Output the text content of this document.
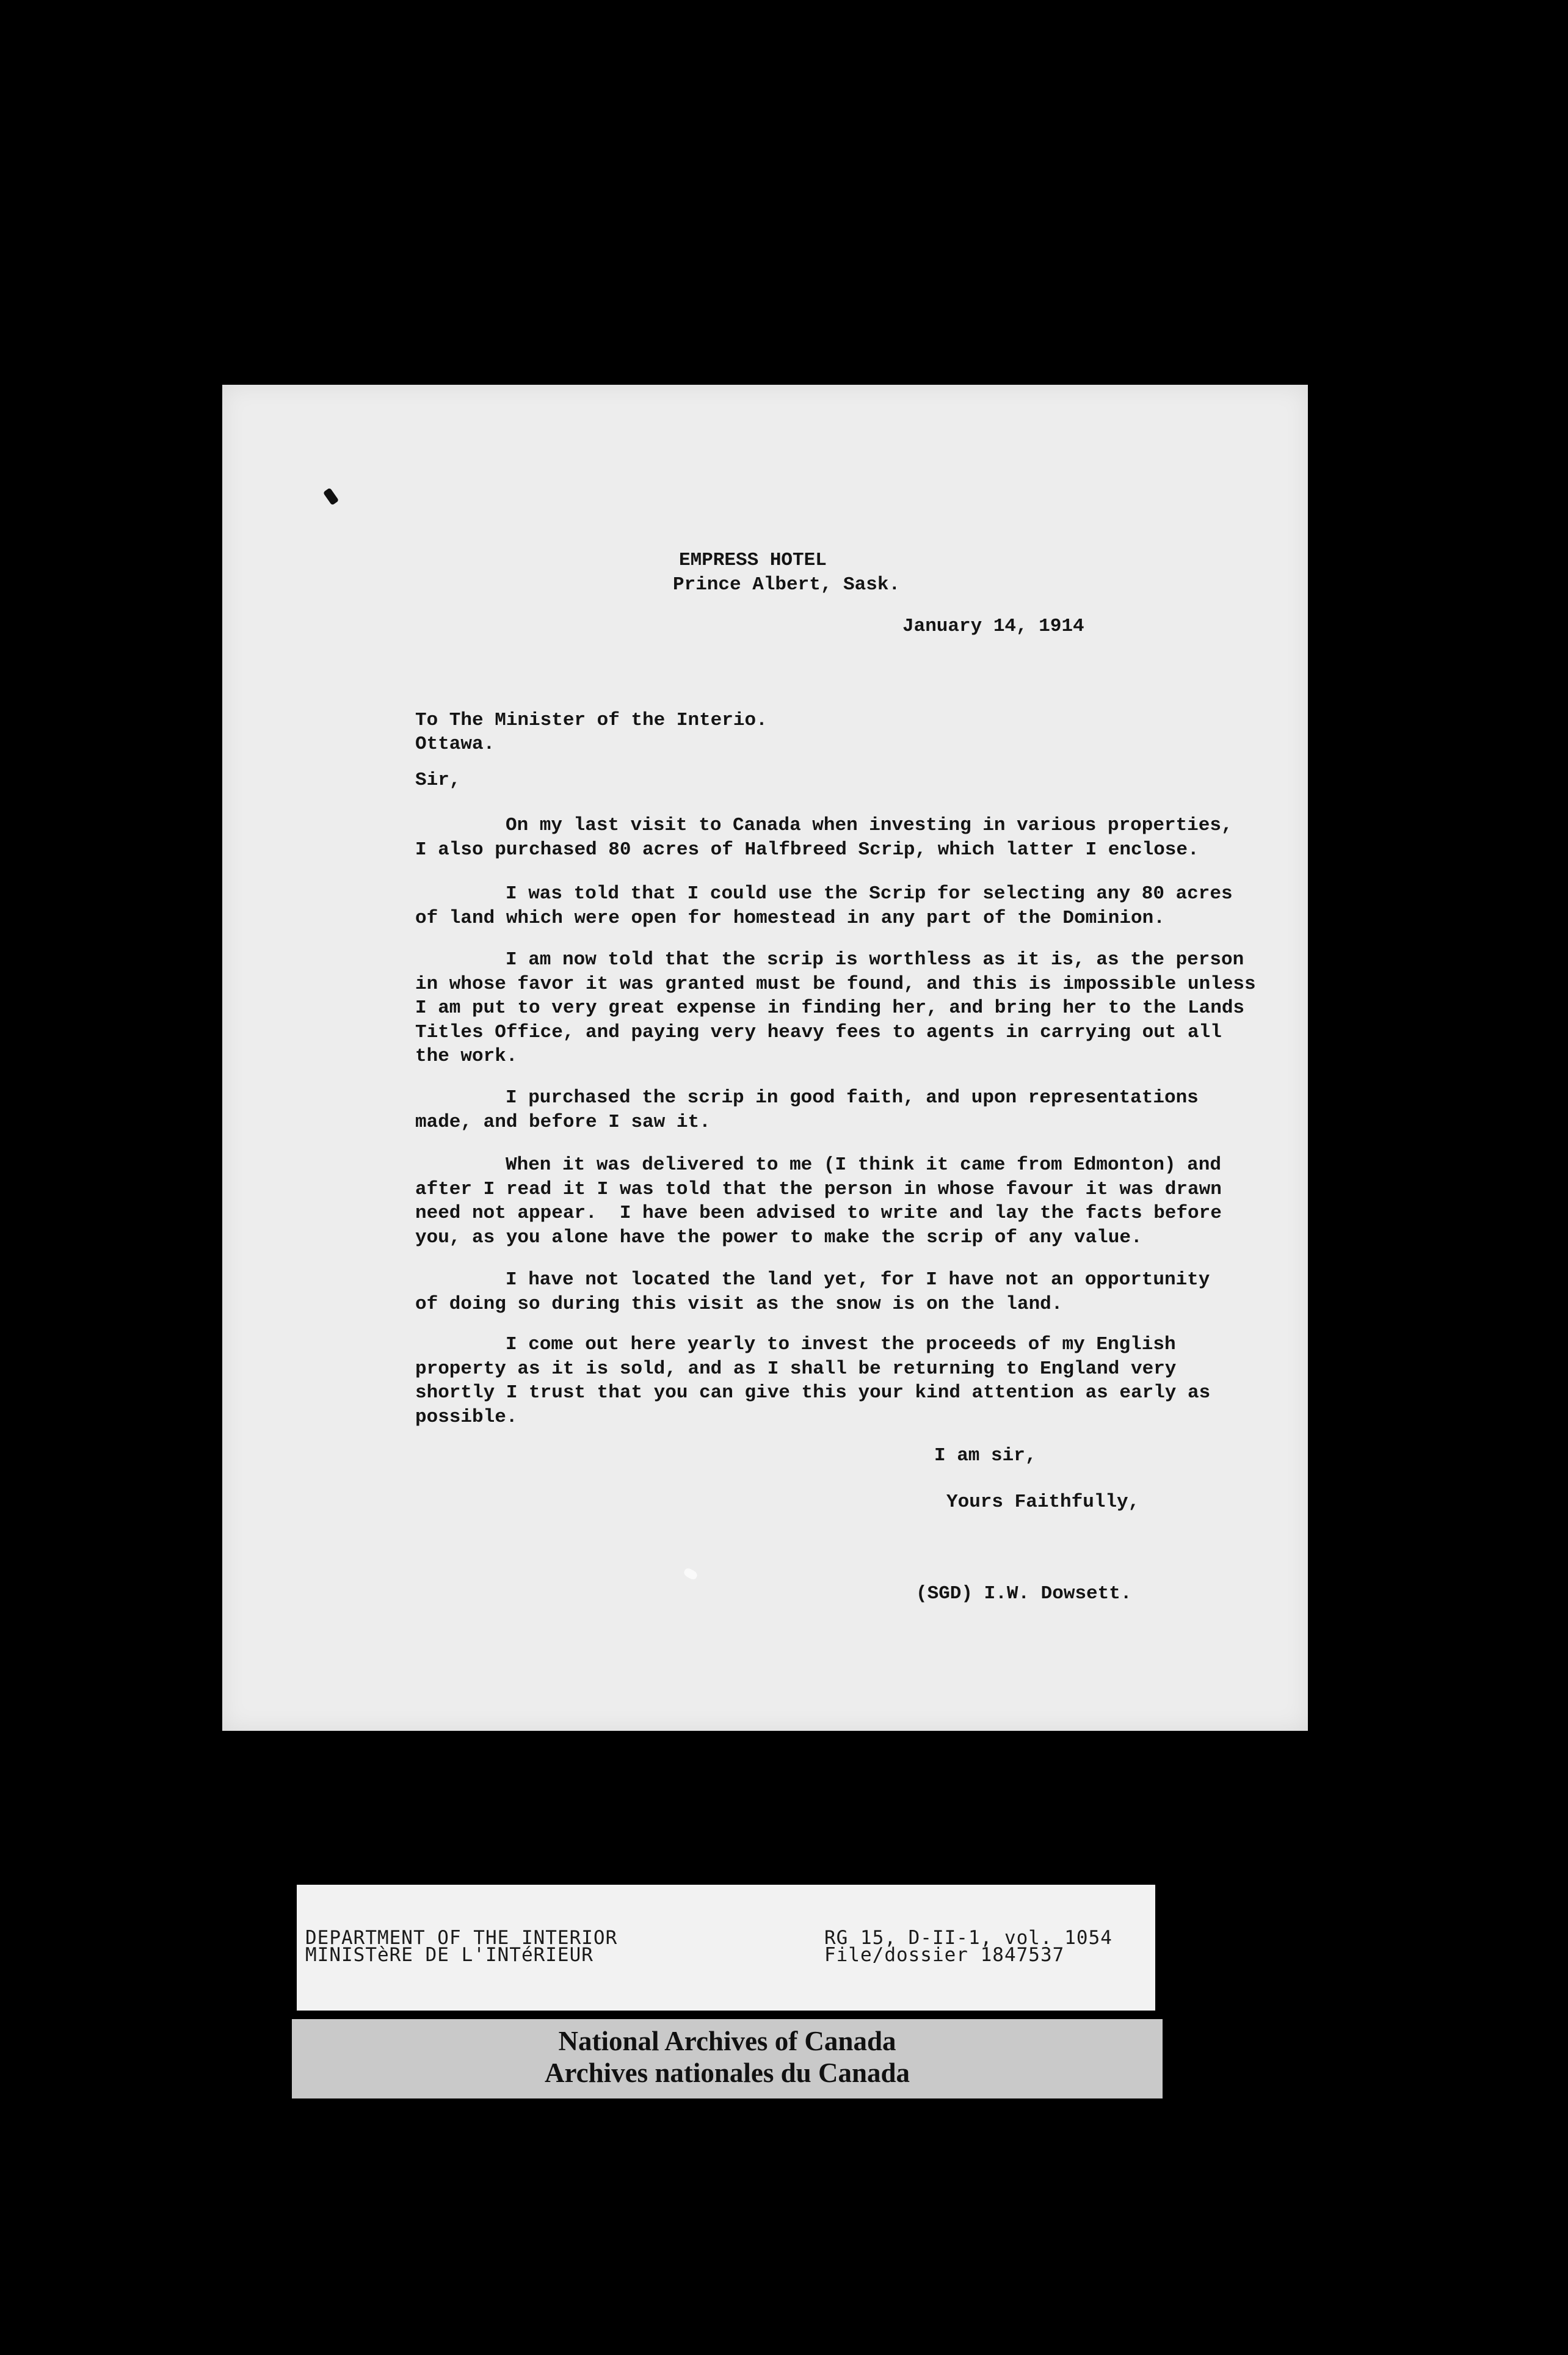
EMPRESS HOTEL
Prince Albert, Sask.
January 14, 1914
To The Minister of the Interio.
Ottawa.
Sir,
On my last visit to Canada when investing in various properties,
I also purchased 80 acres of Halfbreed Scrip, which latter I enclose.
I was told that I could use the Scrip for selecting any 80 acres
of land which were open for homestead in any part of the Dominion.
I am now told that the scrip is worthless as it is, as the person
in whose favor it was granted must be found, and this is impossible unless
I am put to very great expense in finding her, and bring her to the Lands
Titles Office, and paying very heavy fees to agents in carrying out all
the work.
I purchased the scrip in good faith, and upon representations
made, and before I saw it.
When it was delivered to me (I think it came from Edmonton) and
after I read it I was told that the person in whose favour it was drawn
need not appear.  I have been advised to write and lay the facts before
you, as you alone have the power to make the scrip of any value.
I have not located the land yet, for I have not an opportunity
of doing so during this visit as the snow is on the land.
I come out here yearly to invest the proceeds of my English
property as it is sold, and as I shall be returning to England very
shortly I trust that you can give this your kind attention as early as
possible.
I am sir,
Yours Faithfully,
(SGD) I.W. Dowsett.
DEPARTMENT OF THE INTERIOR
MINISTèRE DE L'INTéRIEUR
RG 15, D-II-1, vol. 1054
File/dossier 1847537
National Archives of Canada
Archives nationales du Canada
